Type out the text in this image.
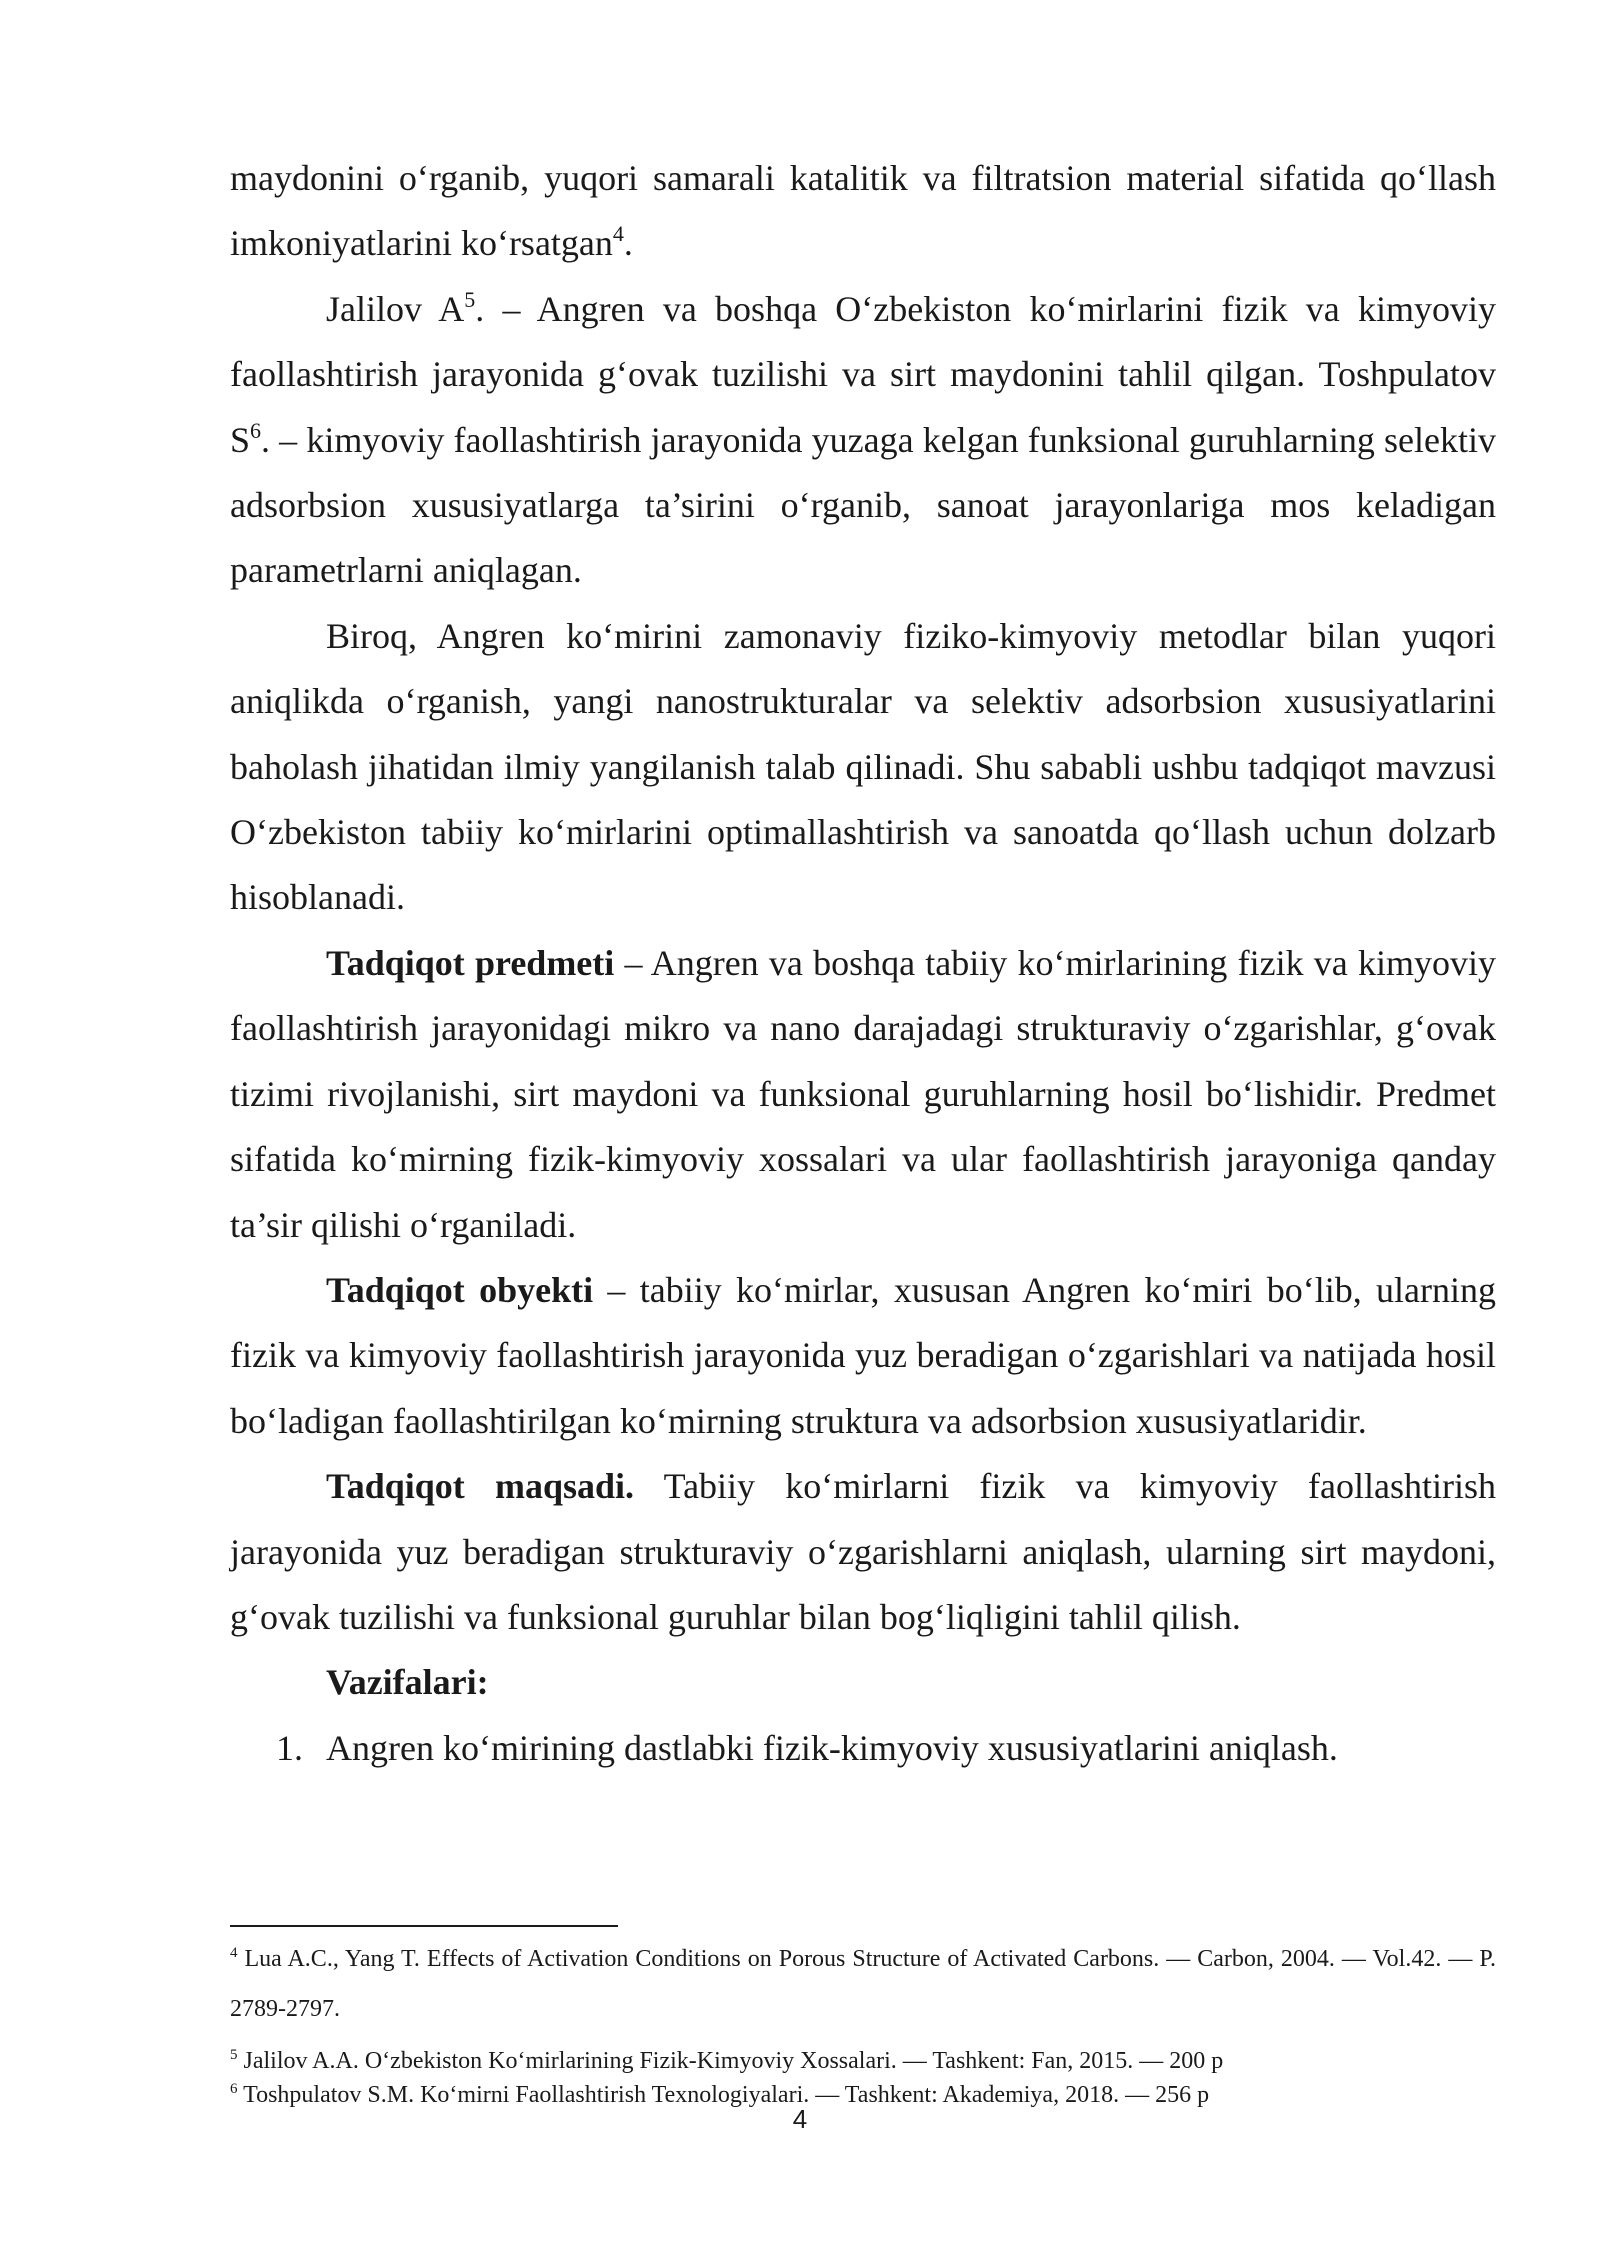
maydonini o‘rganib, yuqori samarali katalitik va filtratsion material sifatida qo‘llash imkoniyatlarini ko‘rsatgan$^4$.

Jalilov $A^5$. – Angren va boshqa O‘zbekiston ko‘mirlarini fizik va kimyoviy faollashtirish jarayonida g‘ovak tuzilishi va sirt maydonini tahlil qilgan. Toshpulatov $S^6$. – kimyoviy faollashtirish jarayonida yuzaga kelgan funksional guruhlarning selektiv adsorbsion xususiyatlarga ta’sirini o‘rganib, sanoat jarayonlariga mos keladigan parametrlarni aniqlagan.

Biroq, Angren ko‘mirini zamonaviy fiziko-kimyoviy metodlar bilan yuqori aniqlikda o‘rganish, yangi nanostrukturalar va selektiv adsorbsion xususiyatlarini baholash jihatidan ilmiy yangilanish talab qilinadi. Shu sababli ushbu tadqiqot mavzusi O‘zbekiston tabiiy ko‘mirlarini optimallashtirish va sanoatda qo‘llash uchun dolzarb hisoblanadi.

Tadqiqot predmeti – Angren va boshqa tabiiy ko‘mirlarining fizik va kimyoviy faollashtirish jarayonidagi mikro va nano darajadagi strukturaviy o‘zgarishlar, g‘ovak tizimi rivojlanishi, sirt maydoni va funksional guruhlarning hosil bo‘lishidir. Predmet sifatida ko‘mirning fizik-kimyoviy xossalari va ular faollashtirish jarayoniga qanday ta’sir qilishi o‘rganiladi.

Tadqiqot obyekti – tabiiy ko‘mirlar, xususan Angren ko‘miri bo‘lib, ularning fizik va kimyoviy faollashtirish jarayonida yuz beradigan o‘zgarishlari va natijada hosil bo‘ladigan faollashtirilgan ko‘mirning struktura va adsorbsion xususiyatlaridir.

Tadqiqot maqsadi. Tabiiy ko‘mirlarni fizik va kimyoviy faollashtirish jarayonida yuz beradigan strukturaviy o‘zgarishlarni aniqlash, ularning sirt maydoni, g‘ovak tuzilishi va funksional guruhlar bilan bog‘liqligini tahlil qilish.

Vazifalari:

1. Angren ko‘mirining dastlabki fizik-kimyoviy xususiyatlarini aniqlash.

$^4$ Lua A.C., Yang T. Effects of Activation Conditions on Porous Structure of Activated Carbons. — Carbon, 2004. — Vol.42. — P. 2789-2797.

$^5$ Jalilov A.A. O‘zbekiston Ko‘mirlarining Fizik-Kimyoviy Xossalari. — Tashkent: Fan, 2015. — 200 p

$^6$ Toshpulatov S.M. Ko‘mirni Faollashtirish Texnologiyalari. — Tashkent: Akademiya, 2018. — 256 p

4
